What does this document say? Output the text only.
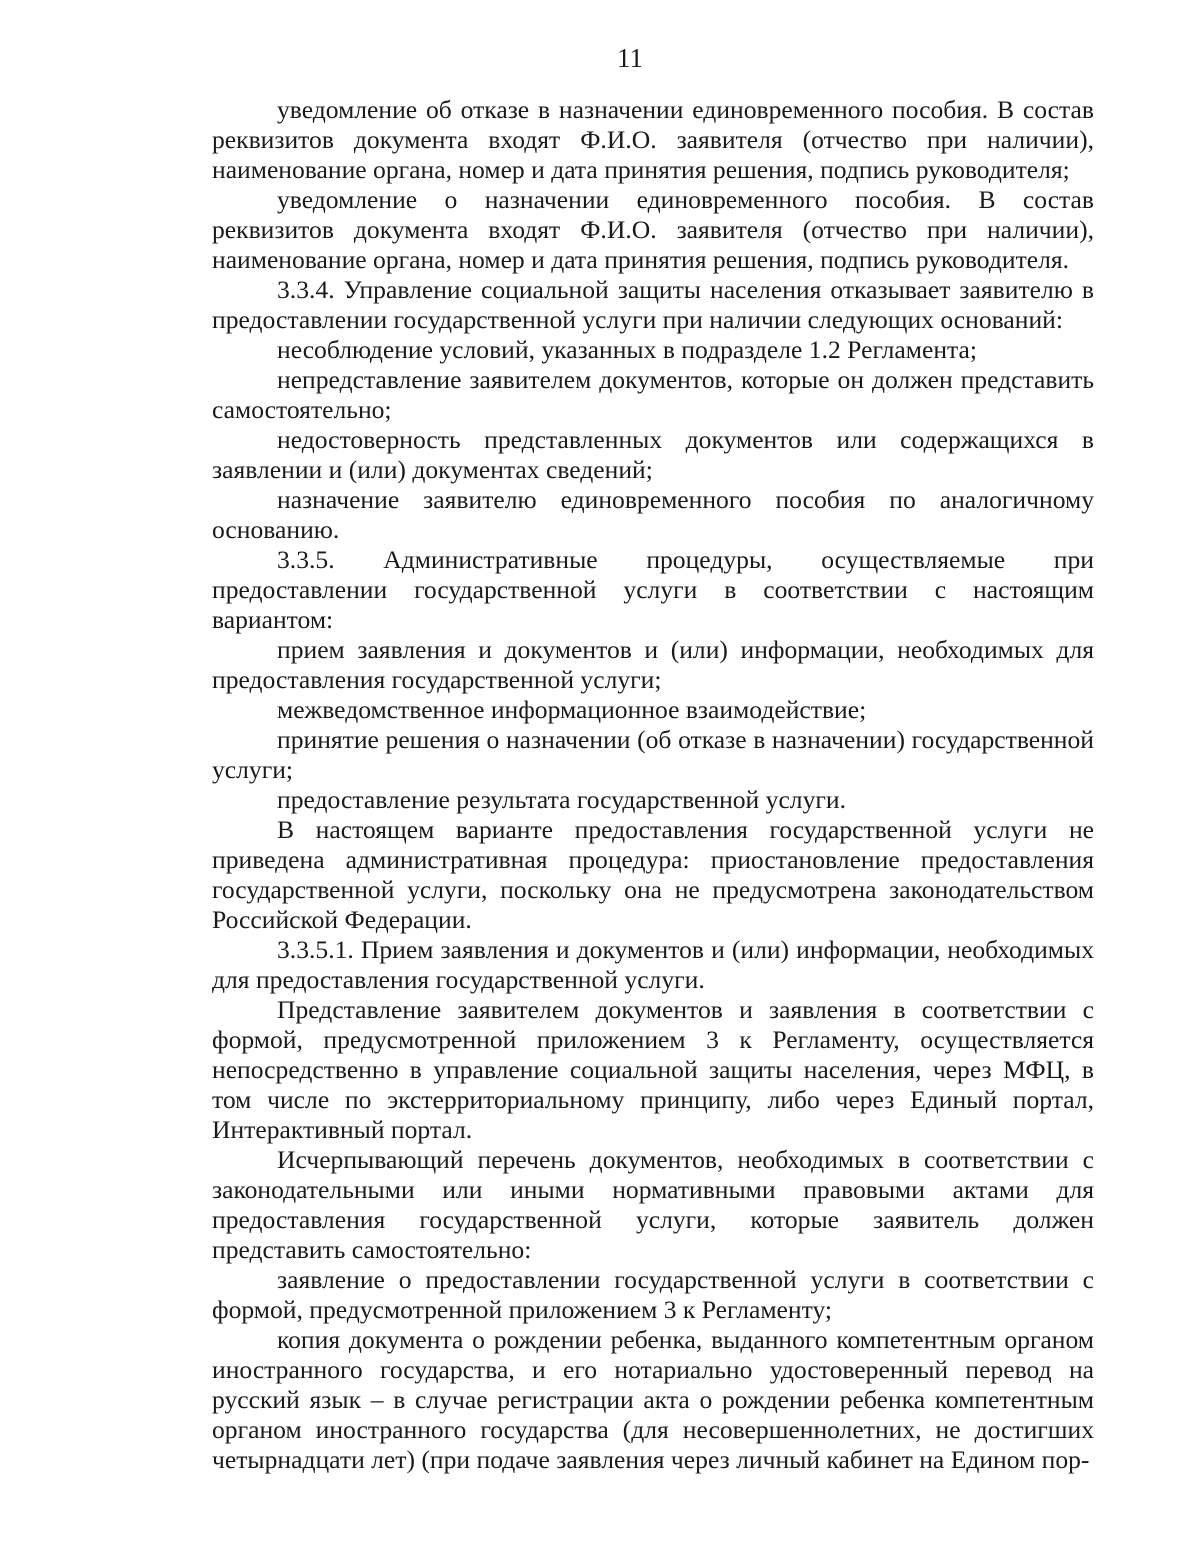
11

уведомление об отказе в назначении единовременного пособия. В состав реквизитов документа входят Ф.И.О. заявителя (отчество при наличии), наименование органа, номер и дата принятия решения, подпись руководителя;

уведомление о назначении единовременного пособия. В состав реквизитов документа входят Ф.И.О. заявителя (отчество при наличии), наименование органа, номер и дата принятия решения, подпись руководителя.

3.3.4. Управление социальной защиты населения отказывает заявителю в предоставлении государственной услуги при наличии следующих оснований:

несоблюдение условий, указанных в подразделе 1.2 Регламента;

непредставление заявителем документов, которые он должен представить самостоятельно;

недостоверность представленных документов или содержащихся в заявлении и (или) документах сведений;

назначение заявителю единовременного пособия по аналогичному основанию.

3.3.5. Административные процедуры, осуществляемые при предоставлении государственной услуги в соответствии с настоящим вариантом:

прием заявления и документов и (или) информации, необходимых для предоставления государственной услуги;

межведомственное информационное взаимодействие;

принятие решения о назначении (об отказе в назначении) государственной услуги;

предоставление результата государственной услуги.

В настоящем варианте предоставления государственной услуги не приведена административная процедура: приостановление предоставления государственной услуги, поскольку она не предусмотрена законодательством Российской Федерации.

3.3.5.1. Прием заявления и документов и (или) информации, необходимых для предоставления государственной услуги.

Представление заявителем документов и заявления в соответствии с формой, предусмотренной приложением 3 к Регламенту, осуществляется непосредственно в управление социальной защиты населения, через МФЦ, в том числе по экстерриториальному принципу, либо через Единый портал, Интерактивный портал.

Исчерпывающий перечень документов, необходимых в соответствии с законодательными или иными нормативными правовыми актами для предоставления государственной услуги, которые заявитель должен представить самостоятельно:

заявление о предоставлении государственной услуги в соответствии с формой, предусмотренной приложением 3 к Регламенту;

копия документа о рождении ребенка, выданного компетентным органом иностранного государства, и его нотариально удостоверенный перевод на русский язык – в случае регистрации акта о рождении ребенка компетентным органом иностранного государства (для несовершеннолетних, не достигших четырнадцати лет) (при подаче заявления через личный кабинет на Едином пор-
